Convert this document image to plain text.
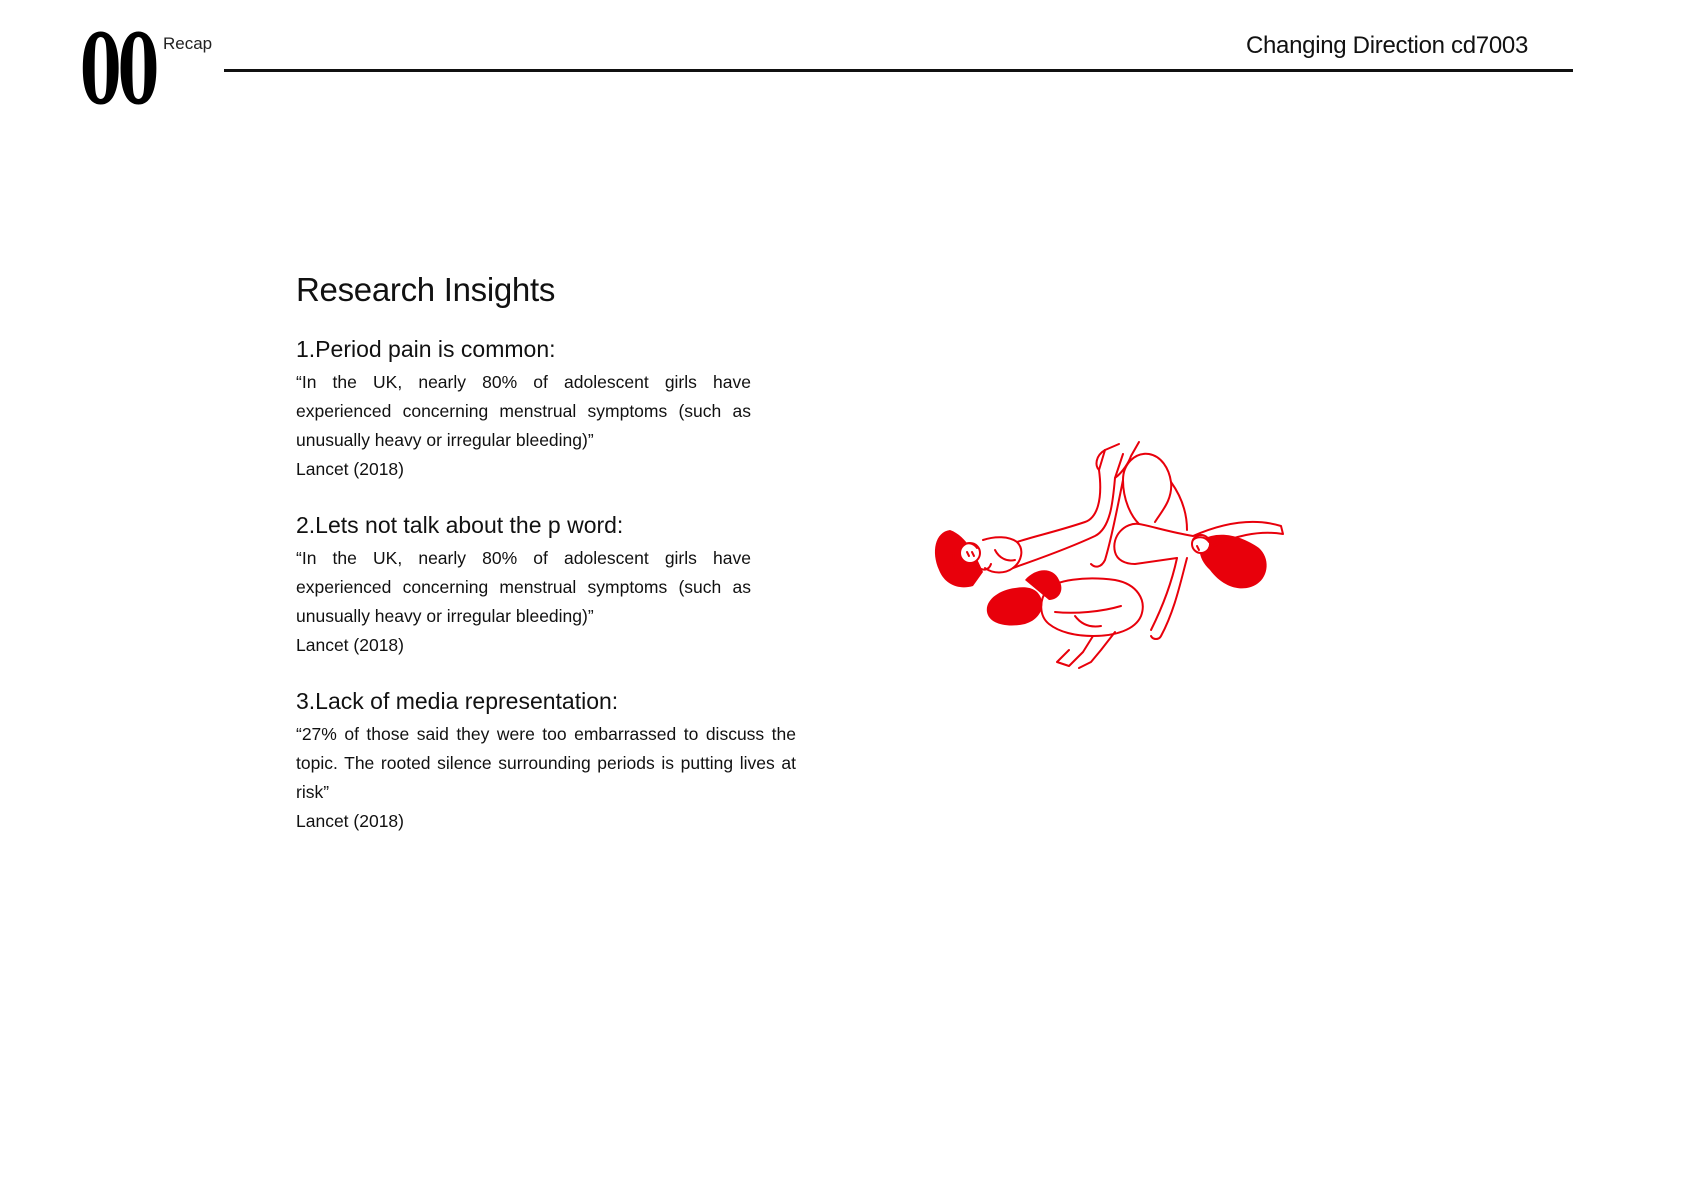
00 Recap	Changing Direction cd7003
Research Insights
1.Period pain is common:
“In the UK, nearly 80% of adolescent girls have experienced concerning menstrual symptoms (such as unusually heavy or irregular bleeding)”
Lancet (2018)
2.Lets not talk about the p word:
“In the UK, nearly 80% of adolescent girls have experienced concerning menstrual symptoms (such as unusually heavy or irregular bleeding)”
Lancet (2018)
3.Lack of media representation:
“27% of those said they were too embarrassed to discuss the topic. The rooted silence surrounding periods is putting lives at risk”
Lancet (2018)
